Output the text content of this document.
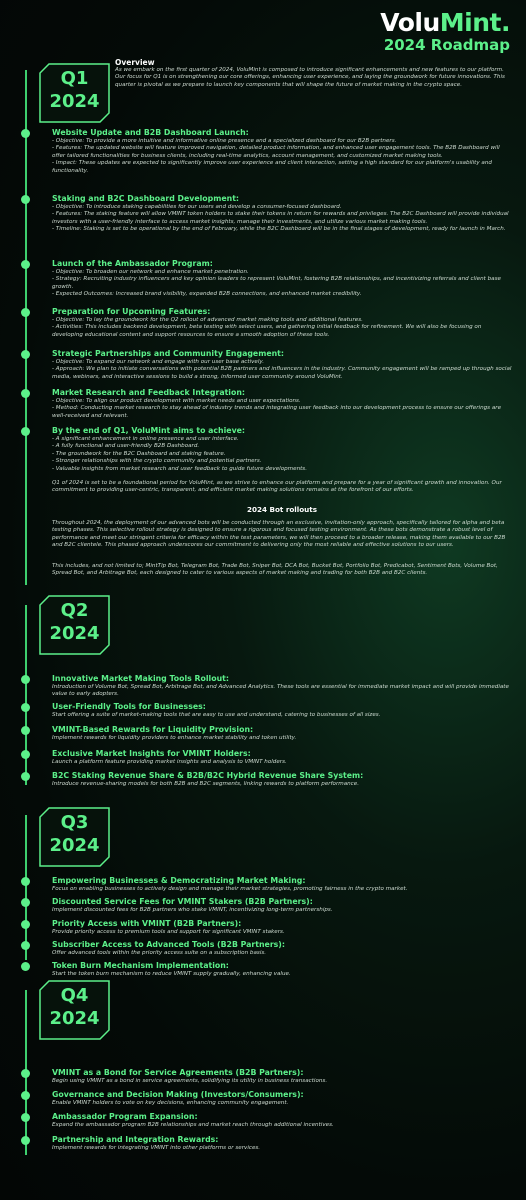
VoluMint.
2024 Roadmap
Q1
2024
Q2
2024
Q3
2024
Q4
2024
Overview
As we embark on the first quarter of 2024, VoluMint is composed to introduce significant enhancements and new features to our platform. Our focus for Q1 is on strengthening our core offerings, enhancing user experience, and laying the groundwork for future innovations. This quarter is pivotal as we prepare to launch key components that will shape the future of market making in the crypto space.
Website Update and B2B Dashboard Launch:
- Objective: To provide a more intuitive and informative online presence and a specialized dashboard for our B2B partners.
- Features: The updated website will feature improved navigation, detailed product information, and enhanced user engagement tools. The B2B Dashboard will offer tailored functionalities for business clients, including real-time analytics, account management, and customized market making tools.
- Impact: These updates are expected to significantly improve user experience and client interaction, setting a high standard for our platform's usability and functionality.
Staking and B2C Dashboard Development:
- Objective: To introduce staking capabilities for our users and develop a consumer-focused dashboard.
- Features: The staking feature will allow VMINT token holders to stake their tokens in return for rewards and privileges. The B2C Dashboard will provide individual investors with a user-friendly interface to access market insights, manage their investments, and utilize various market making tools.
- Timeline: Staking is set to be operational by the end of February, while the B2C Dashboard will be in the final stages of development, ready for launch in March.
Launch of the Ambassador Program:
- Objective: To broaden our network and enhance market penetration.
- Strategy: Recruiting industry influencers and key opinion leaders to represent VoluMint, fostering B2B relationships, and incentivizing referrals and client base growth.
- Expected Outcomes: Increased brand visibility, expanded B2B connections, and enhanced market credibility.
Preparation for Upcoming Features:
- Objective: To lay the groundwork for the Q2 rollout of advanced market making tools and additional features.
- Activities: This includes backend development, beta testing with select users, and gathering initial feedback for refinement. We will also be focusing on developing educational content and support resources to ensure a smooth adoption of these tools.
Strategic Partnerships and Community Engagement:
- Objective: To expand our network and engage with our user base actively.
- Approach: We plan to initiate conversations with potential B2B partners and influencers in the industry. Community engagement will be ramped up through social media, webinars, and interactive sessions to build a strong, informed user community around VoluMint.
Market Research and Feedback Integration:
- Objective: To align our product development with market needs and user expectations.
- Method: Conducting market research to stay ahead of industry trends and integrating user feedback into our development process to ensure our offerings are well-received and relevant.
By the end of Q1, VoluMint aims to achieve:
- A significant enhancement in online presence and user interface.
- A fully functional and user-friendly B2B Dashboard.
- The groundwork for the B2C Dashboard and staking feature.
- Stronger relationships with the crypto community and potential partners.
- Valuable insights from market research and user feedback to guide future developments.
Q1 of 2024 is set to be a foundational period for VoluMint, as we strive to enhance our platform and prepare for a year of significant growth and innovation. Our commitment to providing user-centric, transparent, and efficient market making solutions remains at the forefront of our efforts.
2024 Bot rollouts
Throughout 2024, the deployment of our advanced bots will be conducted through an exclusive, invitation-only approach, specifically tailored for alpha and beta testing phases. This selective rollout strategy is designed to ensure a rigorous and focused testing environment. As these bots demonstrate a robust level of performance and meet our stringent criteria for efficacy within the test parameters, we will then proceed to a broader release, making them available to our B2B and B2C clientele. This phased approach underscores our commitment to delivering only the most reliable and effective solutions to our users.
This includes, and not limited to; MintTip Bot, Telegram Bot, Trade Bot, Sniper Bot, DCA Bot, Bucket Bot, Portfolio Bot, Predicabot, Sentiment Bots, Volume Bot, Spread Bot, and Arbitrage Bot, each designed to cater to various aspects of market making and trading for both B2B and B2C clients.
Innovative Market Making Tools Rollout:
Introduction of Volume Bot, Spread Bot, Arbitrage Bot, and Advanced Analytics. These tools are essential for immediate market impact and will provide immediate value to early adopters.
User-Friendly Tools for Businesses:
Start offering a suite of market-making tools that are easy to use and understand, catering to businesses of all sizes.
VMINT-Based Rewards for Liquidity Provision:
Implement rewards for liquidity providers to enhance market stability and token utility.
Exclusive Market Insights for VMINT Holders:
Launch a platform feature providing market insights and analysis to VMINT holders.
B2C Staking Revenue Share & B2B/B2C Hybrid Revenue Share System:
Introduce revenue-sharing models for both B2B and B2C segments, linking rewards to platform performance.
Empowering Businesses & Democratizing Market Making:
Focus on enabling businesses to actively design and manage their market strategies, promoting fairness in the crypto market.
Discounted Service Fees for VMINT Stakers (B2B Partners):
Implement discounted fees for B2B partners who stake VMINT, incentivizing long-term partnerships.
Priority Access with VMINT (B2B Partners):
Provide priority access to premium tools and support for significant VMINT stakers.
Subscriber Access to Advanced Tools (B2B Partners):
Offer advanced tools within the priority access suite on a subscription basis.
Token Burn Mechanism Implementation:
Start the token burn mechanism to reduce VMINT supply gradually, enhancing value.
VMINT as a Bond for Service Agreements (B2B Partners):
Begin using VMINT as a bond in service agreements, solidifying its utility in business transactions.
Governance and Decision Making (Investors/Consumers):
Enable VMINT holders to vote on key decisions, enhancing community engagement.
Ambassador Program Expansion:
Expand the ambassador program B2B relationships and market reach through additional incentives.
Partnership and Integration Rewards:
Implement rewards for integrating VMINT into other platforms or services.
